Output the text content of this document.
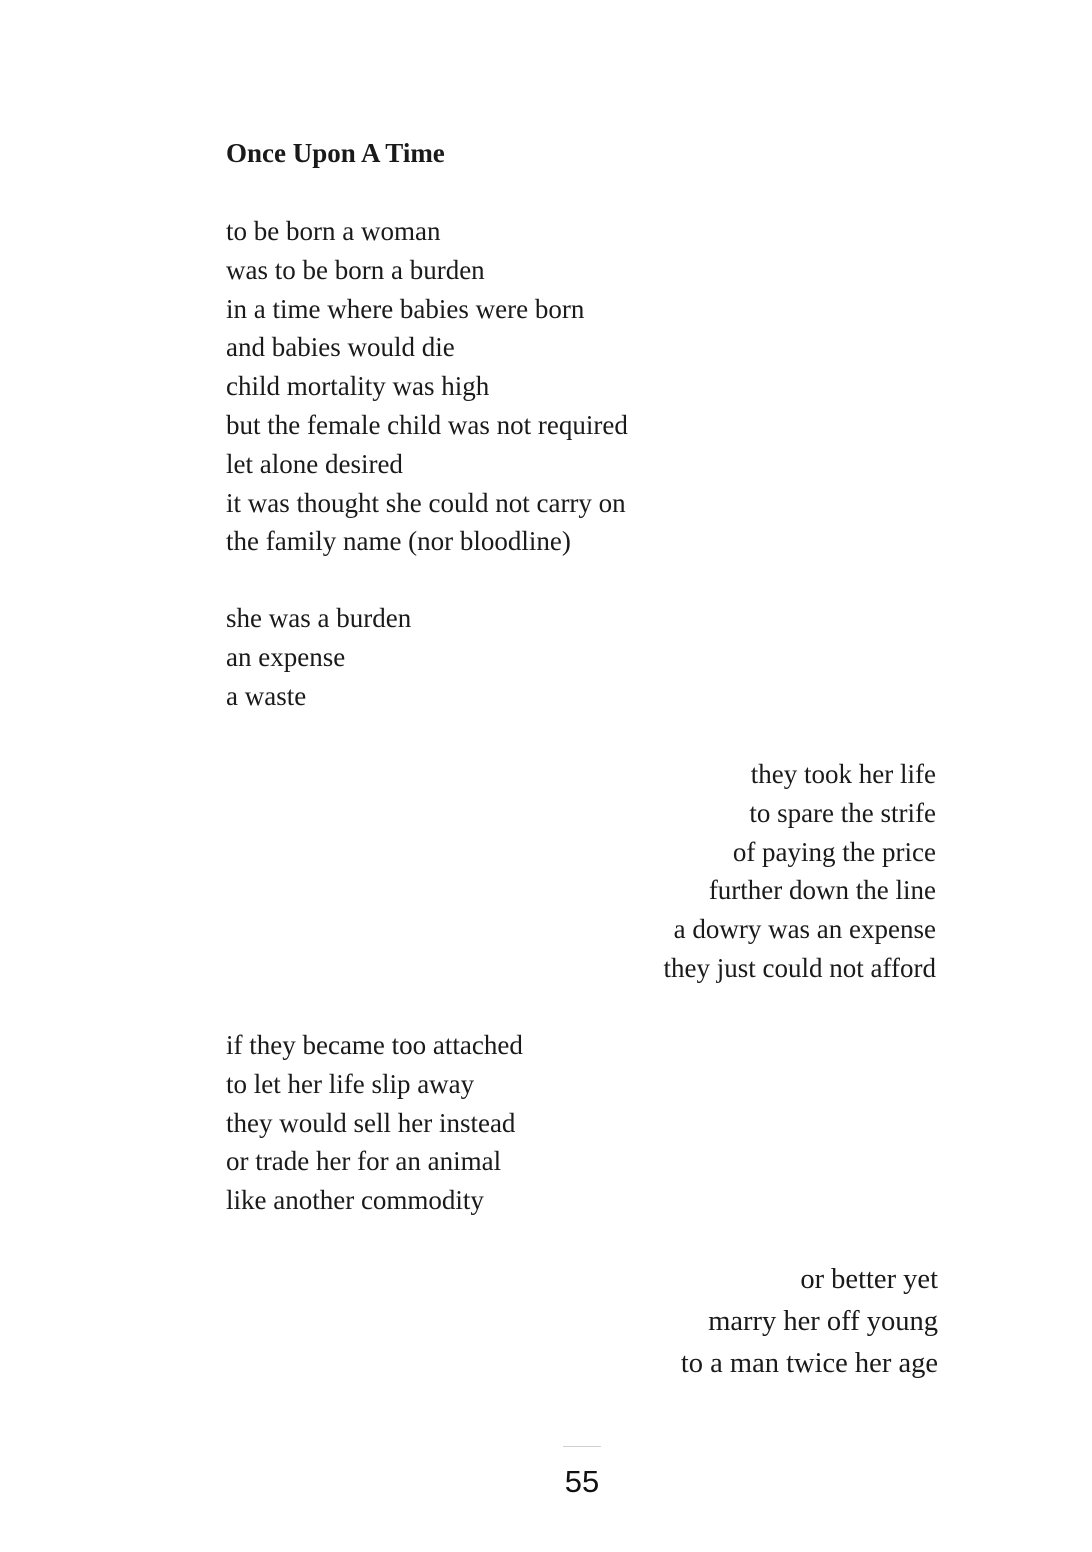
Once Upon A Time
to be born a woman
was to be born a burden
in a time where babies were born
and babies would die
child mortality was high
but the female child was not required
let alone desired
it was thought she could not carry on
the family name (nor bloodline)
she was a burden
an expense
a waste
they took her life
to spare the strife
of paying the price
further down the line
a dowry was an expense
they just could not afford
if they became too attached
to let her life slip away
they would sell her instead
or trade her for an animal
like another commodity
or better yet
marry her off young
to a man twice her age
55
